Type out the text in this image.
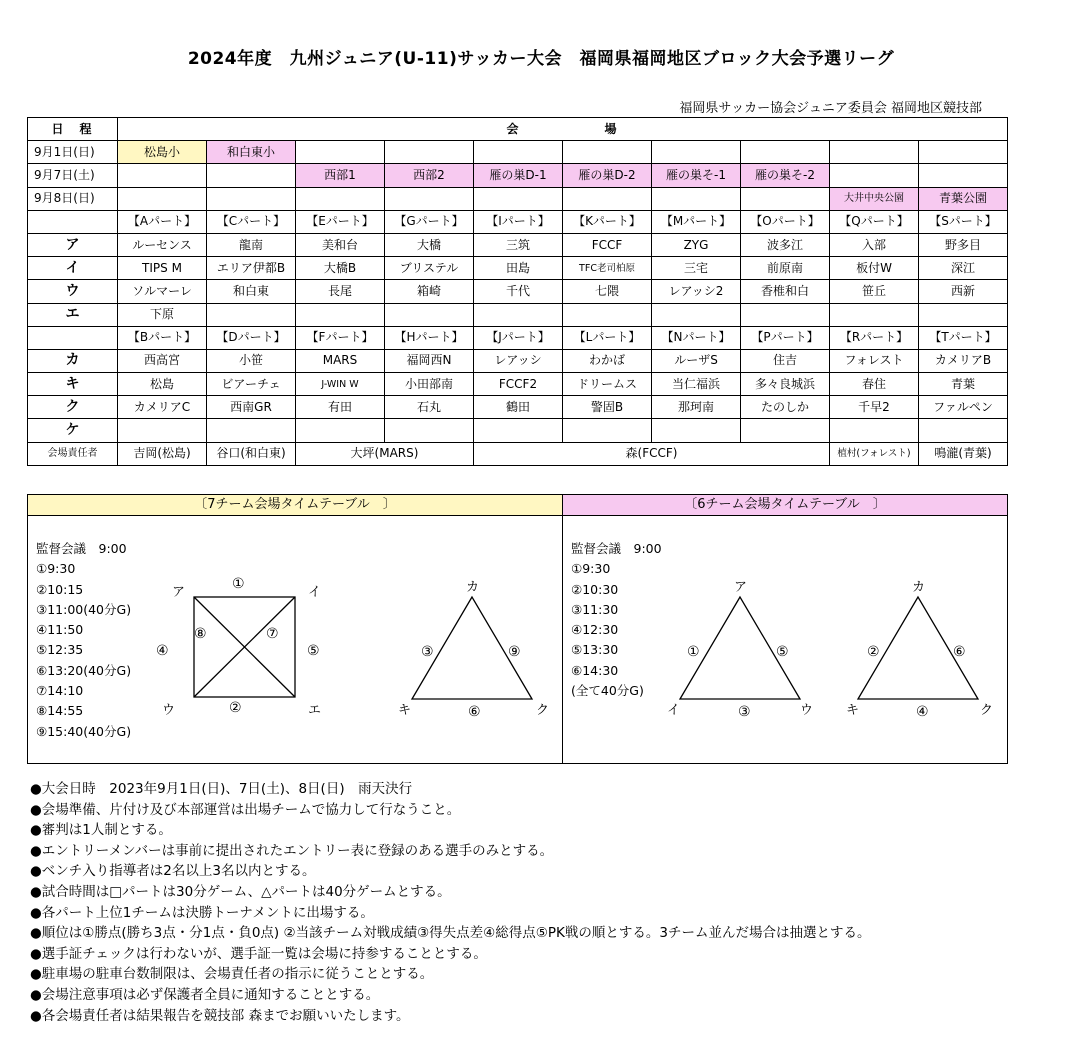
2024年度　九州ジュニア(U-11)サッカー大会　福岡県福岡地区ブロック大会予選リーグ
福岡県サッカー協会ジュニア委員会 福岡地区競技部
日　程	会　　　　　　場									
9月1日(日)	松島小	和白東小								
9月7日(土)			西部1	西部2	雁の巣D-1	雁の巣D-2	雁の巣そ-1	雁の巣そ-2		
9月8日(日)									大井中央公園	青葉公園
	【Aパート】	【Cパート】	【Eパート】	【Gパート】	【Iパート】	【Kパート】	【Mパート】	【Oパート】	【Qパート】	【Sパート】
ア	ルーセンス	龍南	美和台	大橋	三筑	FCCF	ZYG	波多江	入部	野多目
イ	TIPS M	エリア伊都B	大橋B	ブリステル	田島	TFC老司柏原	三宅	前原南	板付W	深江
ウ	ソルマーレ	和白東	長尾	箱崎	千代	七隈	レアッシ2	香椎和白	笹丘	西新
エ	下原									
	【Bパート】	【Dパート】	【Fパート】	【Hパート】	【Jパート】	【Lパート】	【Nパート】	【Pパート】	【Rパート】	【Tパート】
カ	西高宮	小笹	MARS	福岡西N	レアッシ	わかば	ルーザS	住吉	フォレスト	カメリアB
キ	松島	ビアーチェ	J-WIN W	小田部南	FCCF2	ドリームス	当仁福浜	多々良城浜	春住	青葉
ク	カメリアC	西南GR	有田	石丸	鶴田	警固B	那珂南	たのしか	千早2	ファルペン
ケ										
会場責任者	吉岡(松島)	谷口(和白東)	大坪(MARS)		森(FCCF)				植村(フォレスト)	鳴瀧(青葉)
〔7チーム会場タイムテーブル　〕
監督会議　9:00
①9:30
②10:15
③11:00(40分G)
④11:50
⑤12:35
⑥13:20(40分G)
⑦14:10
⑧14:55
⑨15:40(40分G)
ア	イ
ウ	エ
①
②
④	⑤
⑧	⑦
カ
キ	ク
③	⑨
⑥
〔6チーム会場タイムテーブル　〕
監督会議　9:00
①9:30
②10:30
③11:30
④12:30
⑤13:30
⑥14:30
(全て40分G)
ア
イ	ウ
①	⑤
③
カ
キ	ク
②	⑥
④
●大会日時　2023年9月1日(日)、7日(土)、8日(日)　雨天決行
●会場準備、片付け及び本部運営は出場チームで協力して行なうこと。
●審判は1人制とする。
●エントリーメンバーは事前に提出されたエントリー表に登録のある選手のみとする。
●ベンチ入り指導者は2名以上3名以内とする。
●試合時間は□パートは30分ゲーム、△パートは40分ゲームとする。
●各パート上位1チームは決勝トーナメントに出場する。
●順位は①勝点(勝ち3点・分1点・負0点) ②当該チーム対戦成績③得失点差④総得点⑤PK戦の順とする。3チーム並んだ場合は抽選とする。
●選手証チェックは行わないが、選手証一覧は会場に持参することとする。
●駐車場の駐車台数制限は、会場責任者の指示に従うこととする。
●会場注意事項は必ず保護者全員に通知することとする。
●各会場責任者は結果報告を競技部 森までお願いいたします。
